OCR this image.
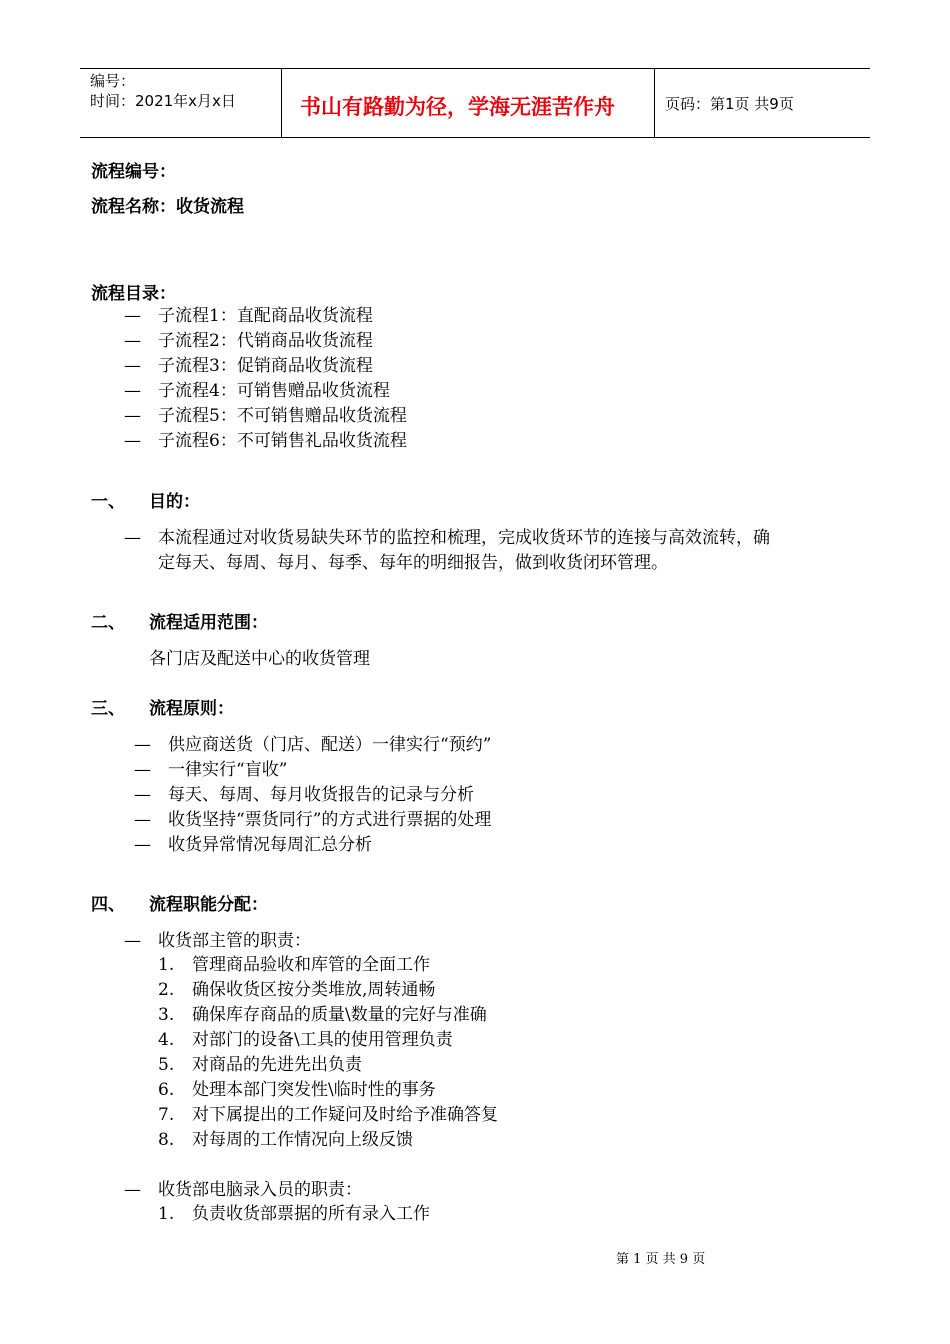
编号：
时间：2021年x月x日	书山有路勤为径，学海无涯苦作舟	页码：第1页 共9页
流程编号：
流程名称：收货流程
流程目录：
— 子流程1：直配商品收货流程
— 子流程2：代销商品收货流程
— 子流程3：促销商品收货流程
— 子流程4：可销售赠品收货流程
— 子流程5：不可销售赠品收货流程
— 子流程6：不可销售礼品收货流程
一、 目的：
— 本流程通过对收货易缺失环节的监控和梳理，完成收货环节的连接与高效流转，确
定每天、每周、每月、每季、每年的明细报告，做到收货闭环管理。
二、 流程适用范围：
各门店及配送中心的收货管理
三、 流程原则：
— 供应商送货（门店、配送）一律实行“预约”
— 一律实行“盲收”
— 每天、每周、每月收货报告的记录与分析
— 收货坚持“票货同行”的方式进行票据的处理
— 收货异常情况每周汇总分析
四、 流程职能分配：
— 收货部主管的职责：
1. 管理商品验收和库管的全面工作
2. 确保收货区按分类堆放,周转通畅
3. 确保库存商品的质量\数量的完好与准确
4. 对部门的设备\工具的使用管理负责
5. 对商品的先进先出负责
6. 处理本部门突发性\临时性的事务
7. 对下属提出的工作疑问及时给予准确答复
8. 对每周的工作情况向上级反馈
— 收货部电脑录入员的职责：
1. 负责收货部票据的所有录入工作
第 1 页 共 9 页
